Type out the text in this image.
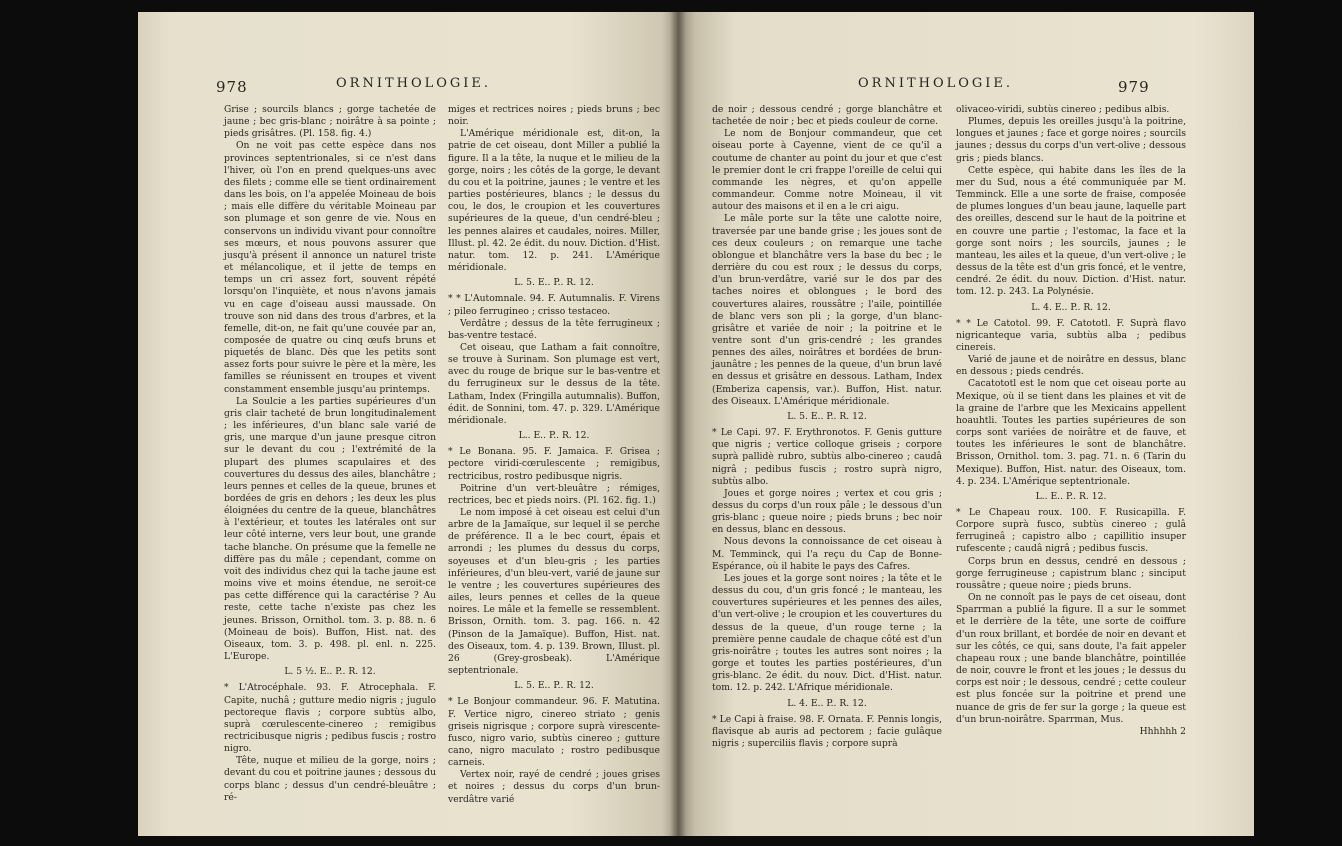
978	ORNITHOLOGIE.

Grise ; sourcils blancs ; gorge tachetée de jaune ; bec gris-blanc ; noirâtre à sa pointe ; pieds grisâtres. (Pl. 158. fig. 4.)

On ne voit pas cette espèce dans nos provinces septentrionales, si ce n'est dans l'hiver, où l'on en prend quelques-uns avec des filets ; comme elle se tient ordinairement dans les bois, on l'a appelée Moineau de bois ; mais elle diffère du véritable Moineau par son plumage et son genre de vie. Nous en conservons un individu vivant pour connoître ses mœurs, et nous pouvons assurer que jusqu'à présent il annonce un naturel triste et mélancolique, et il jette de temps en temps un cri assez fort, souvent répété lorsqu'on l'inquiète, et nous n'avons jamais vu en cage d'oiseau aussi maussade. On trouve son nid dans des trous d'arbres, et la femelle, dit-on, ne fait qu'une couvée par an, composée de quatre ou cinq œufs bruns et piquetés de blanc. Dès que les petits sont assez forts pour suivre le père et la mère, les familles se réunissent en troupes et vivent constamment ensemble jusqu'au printemps.

La Soulcie a les parties supérieures d'un gris clair tacheté de brun longitudinalement ; les inférieures, d'un blanc sale varié de gris, une marque d'un jaune presque citron sur le devant du cou ; l'extrémité de la plupart des plumes scapulaires et des couvertures du dessus des ailes, blanchâtre ; leurs pennes et celles de la queue, brunes et bordées de gris en dehors ; les deux les plus éloignées du centre de la queue, blanchâtres à l'extérieur, et toutes les latérales ont sur leur côté interne, vers leur bout, une grande tache blanche. On présume que la femelle ne diffère pas du mâle ; cependant, comme on voit des individus chez qui la tache jaune est moins vive et moins étendue, ne seroit-ce pas cette différence qui la caractérise ? Au reste, cette tache n'existe pas chez les jeunes. Brisson, Ornithol. tom. 3. p. 88. n. 6 (Moineau de bois). Buffon, Hist. nat. des Oiseaux, tom. 3. p. 498. pl. enl. n. 225. L'Europe.

L. 5 ½. E.. P.. R. 12.

* L'Atrocéphale. 93. F. Atrocephala. F. Capite, nuchâ ; gutture medio nigris ; jugulo pectoreque flavis ; corpore subtùs albo, suprà cœrulescente-cinereo ; remigibus rectricibusque nigris ; pedibus fuscis ; rostro nigro.

Tête, nuque et milieu de la gorge, noirs ; devant du cou et poitrine jaunes ; dessous du corps blanc ; dessus d'un cendré-bleuâtre ; ré-

miges et rectrices noires ; pieds bruns ; bec noir.

L'Amérique méridionale est, dit-on, la patrie de cet oiseau, dont Miller a publié la figure. Il a la tête, la nuque et le milieu de la gorge, noirs ; les côtés de la gorge, le devant du cou et la poitrine, jaunes ; le ventre et les parties postérieures, blancs ; le dessus du cou, le dos, le croupion et les couvertures supérieures de la queue, d'un cendré-bleu ; les pennes alaires et caudales, noires. Miller, Illust. pl. 42. 2e édit. du nouv. Diction. d'Hist. natur. tom. 12. p. 241. L'Amérique méridionale.

L. 5. E.. P.. R. 12.

* * L'Automnale. 94. F. Autumnalis. F. Virens ; pileo ferrugineo ; crisso testaceo.

Verdâtre ; dessus de la tête ferrugineux ; bas-ventre testacé.

Cet oiseau, que Latham a fait connoître, se trouve à Surinam. Son plumage est vert, avec du rouge de brique sur le bas-ventre et du ferrugineux sur le dessus de la tête. Latham, Index (Fringilla autumnalis). Buffon, édit. de Sonnini, tom. 47. p. 329. L'Amérique méridionale.

L.. E.. P.. R. 12.

* Le Bonana. 95. F. Jamaica. F. Grisea ; pectore viridi-cœrulescente ; remigibus, rectricibus, rostro pedibusque nigris.

Poitrine d'un vert-bleuâtre ; rémiges, rectrices, bec et pieds noirs. (Pl. 162. fig. 1.)

Le nom imposé à cet oiseau est celui d'un arbre de la Jamaïque, sur lequel il se perche de préférence. Il a le bec court, épais et arrondi ; les plumes du dessus du corps, soyeuses et d'un bleu-gris ; les parties inférieures, d'un bleu-vert, varié de jaune sur le ventre ; les couvertures supérieures des ailes, leurs pennes et celles de la queue noires. Le mâle et la femelle se ressemblent. Brisson, Ornith. tom. 3. pag. 166. n. 42 (Pinson de la Jamaïque). Buffon, Hist. nat. des Oiseaux, tom. 4. p. 139. Brown, Illust. pl. 26 (Grey-grosbeak). L'Amérique septentrionale.

L. 5. E.. P.. R. 12.

* Le Bonjour commandeur. 96. F. Matutina. F. Vertice nigro, cinereo striato ; genis griseis nigrisque ; corpore suprà virescente-fusco, nigro vario, subtùs cinereo ; gutture cano, nigro maculato ; rostro pedibusque carneis.

Vertex noir, rayé de cendré ; joues grises et noires ; dessus du corps d'un brun-verdâtre varié

ORNITHOLOGIE.	979

de noir ; dessous cendré ; gorge blanchâtre et tachetée de noir ; bec et pieds couleur de corne.

Le nom de Bonjour commandeur, que cet oiseau porte à Cayenne, vient de ce qu'il a coutume de chanter au point du jour et que c'est le premier dont le cri frappe l'oreille de celui qui commande les nègres, et qu'on appelle commandeur. Comme notre Moineau, il vit autour des maisons et il en a le cri aigu.

Le mâle porte sur la tête une calotte noire, traversée par une bande grise ; les joues sont de ces deux couleurs ; on remarque une tache oblongue et blanchâtre vers la base du bec ; le derrière du cou est roux ; le dessus du corps, d'un brun-verdâtre, varié sur le dos par des taches noires et oblongues ; le bord des couvertures alaires, roussâtre ; l'aile, pointillée de blanc vers son pli ; la gorge, d'un blanc-grisâtre et variée de noir ; la poitrine et le ventre sont d'un gris-cendré ; les grandes pennes des ailes, noirâtres et bordées de brun-jaunâtre ; les pennes de la queue, d'un brun lavé en dessus et grisâtre en dessous. Latham, Index (Emberiza capensis, var.). Buffon, Hist. natur. des Oiseaux. L'Amérique méridionale.

L. 5. E.. P.. R. 12.

* Le Capi. 97. F. Erythronotos. F. Genis gutture que nigris ; vertice colloque griseis ; corpore suprà pallidè rubro, subtùs albo-cinereo ; caudâ nigrâ ; pedibus fuscis ; rostro suprà nigro, subtùs albo.

Joues et gorge noires ; vertex et cou gris ; dessus du corps d'un roux pâle ; le dessous d'un gris-blanc ; queue noire ; pieds bruns ; bec noir en dessus, blanc en dessous.

Nous devons la connoissance de cet oiseau à M. Temminck, qui l'a reçu du Cap de Bonne-Espérance, où il habite le pays des Cafres.

Les joues et la gorge sont noires ; la tête et le dessus du cou, d'un gris foncé ; le manteau, les couvertures supérieures et les pennes des ailes, d'un vert-olive ; le croupion et les couvertures du dessus de la queue, d'un rouge terne ; la première penne caudale de chaque côté est d'un gris-noirâtre ; toutes les autres sont noires ; la gorge et toutes les parties postérieures, d'un gris-blanc. 2e édit. du nouv. Dict. d'Hist. natur. tom. 12. p. 242. L'Afrique méridionale.

L. 4. E.. P.. R. 12.

* Le Capi à fraise. 98. F. Ornata. F. Pennis longis, flavisque ab auris ad pectorem ; facie gulâque nigris ; superciliis flavis ; corpore suprà

olivaceo-viridi, subtùs cinereo ; pedibus albis.

Plumes, depuis les oreilles jusqu'à la poitrine, longues et jaunes ; face et gorge noires ; sourcils jaunes ; dessus du corps d'un vert-olive ; dessous gris ; pieds blancs.

Cette espèce, qui habite dans les îles de la mer du Sud, nous a été communiquée par M. Temminck. Elle a une sorte de fraise, composée de plumes longues d'un beau jaune, laquelle part des oreilles, descend sur le haut de la poitrine et en couvre une partie ; l'estomac, la face et la gorge sont noirs ; les sourcils, jaunes ; le manteau, les ailes et la queue, d'un vert-olive ; le dessus de la tête est d'un gris foncé, et le ventre, cendré. 2e édit. du nouv. Diction. d'Hist. natur. tom. 12. p. 243. La Polynésie.

L. 4. E.. P.. R. 12.

* * Le Catotol. 99. F. Catototl. F. Suprà flavo nigricanteque varia, subtùs alba ; pedibus cinereis.

Varié de jaune et de noirâtre en dessus, blanc en dessous ; pieds cendrés.

Cacatototl est le nom que cet oiseau porte au Mexique, où il se tient dans les plaines et vit de la graine de l'arbre que les Mexicains appellent hoauhtli. Toutes les parties supérieures de son corps sont variées de noirâtre et de fauve, et toutes les inférieures le sont de blanchâtre. Brisson, Ornithol. tom. 3. pag. 71. n. 6 (Tarin du Mexique). Buffon, Hist. natur. des Oiseaux, tom. 4. p. 234. L'Amérique septentrionale.

L.. E.. P.. R. 12.

* Le Chapeau roux. 100. F. Rusicapilla. F. Corpore suprà fusco, subtùs cinereo ; gulâ ferrugineâ ; capistro albo ; capillitio insuper rufescente ; caudâ nigrâ ; pedibus fuscis.

Corps brun en dessus, cendré en dessous ; gorge ferrugineuse ; capistrum blanc ; sinciput roussâtre ; queue noire ; pieds bruns.

On ne connoît pas le pays de cet oiseau, dont Sparrman a publié la figure. Il a sur le sommet et le derrière de la tête, une sorte de coiffure d'un roux brillant, et bordée de noir en devant et sur les côtés, ce qui, sans doute, l'a fait appeler chapeau roux ; une bande blanchâtre, pointillée de noir, couvre le front et les joues ; le dessus du corps est noir ; le dessous, cendré ; cette couleur est plus foncée sur la poitrine et prend une nuance de gris de fer sur la gorge ; la queue est d'un brun-noirâtre. Sparrman, Mus.

Hhhhhh 2
